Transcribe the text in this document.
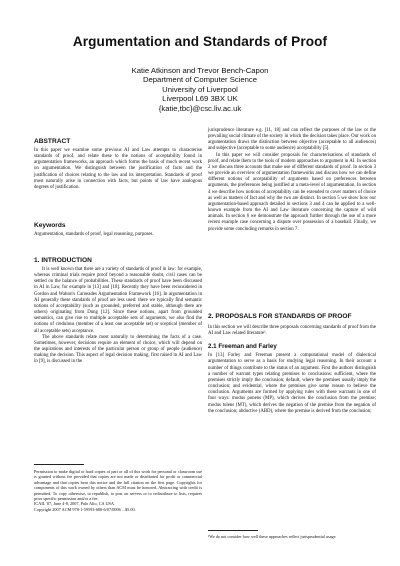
Argumentation and Standards of Proof
Katie Atkinson and Trevor Bench-Capon
Department of Computer Science
University of Liverpool
Liverpool L69 3BX UK
{katie,tbc}@csc.liv.ac.uk
ABSTRACT

In this paper we examine some previous AI and Law attempts to characterise standards of proof, and relate these to the notions of acceptability found in argumentation frameworks, an approach which forms the basis of much recent work on argumentation. We distinguish between the justification of facts and the justification of choices relating to the law and its interpretation. Standards of proof most naturally arise in connection with facts, but points of law have analogous degrees of justification.

Keywords

Argumentation, standards of proof, legal reasoning, purposes.

1. INTRODUCTION

It is well known that there are a variety of standards of proof in law: for example, whereas criminal trials require proof beyond a reasonable doubt, civil cases can be settled on the balance of probabilities. These standards of proof have been discussed in AI in Law, for example in [13] and [18]. Recently they have been reconsidered in Gordon and Walton's Carneades Argumentation Framework [16]. In argumentation in AI generally these standards of proof are less used: there we typically find semantic notions of acceptability (such as grounded, preferred and stable, although there are others) originating from Dung [12]. Since these notions, apart from grounded semantics, can give rise to multiple acceptable sets of arguments, we also find the notions of credulous (member of a least one acceptable set) or sceptical (member of all acceptable sets) acceptance.

The above standards relate most naturally to determining the facts of a case. Sometimes, however, decisions require an element of choice, which will depend on the aspirations and interests of the particular person or group of people (audience) making the decision. This aspect of legal decision making, first raised in AI and Law in [9], is discussed in the

Permission to make digital or hard copies of part or all of this work for personal or classroom use is granted without fee provided that copies are not made or distributed for profit or commercial advantage and that copies bear this notice and the full citation on the first page. Copyrights for components of this work owned by others than ACM must be honored. Abstracting with credit is permitted. To copy otherwise, to republish, to post on servers or to redistribute to lists, requires prior specific permission and/or a fee.

ICAIL '07, June 4-8, 2007, Palo Alto, CA USA.

Copyright 2007 ACM 978-1-59593-680-6/07/0006 ...$5.00.

jurisprudence literature e.g. [11, 18] and can reflect the purposes of the law or the prevailing social climate of the society in which the decision takes place. Our work on argumentation draws the distinction between objective (acceptable to all audiences) and subjective (acceptable to some audience) acceptability [5].

In this paper we will consider proposals for characterisations of standards of proof, and relate them to the tools of modern approaches to argument in AI. In section 2 we discuss three accounts that make use of different standards of proof. In section 3 we provide an overview of argumentation frameworks and discuss how we can define different notions of acceptability of arguments based on preferences between arguments, the preferences being justified at a meta-level of argumentation. In section 4 we describe how notions of acceptability can be extended to cover matters of choice as well as matters of fact and why the two are distinct. In section 5 we show how our argumentation-based approach detailed in sections 3 and 4 can be applied to a well-known example from the AI and Law literature concerning the capture of wild animals. In section 6 we demonstrate the approach further through the use of a more recent example case concerning a dispute over possession of a baseball. Finally, we provide some concluding remarks in section 7.

2. PROPOSALS FOR STANDARDS OF PROOF

In this section we will describe three proposals concerning standards of proof from the AI and Law related literature¹.

2.1 Freeman and Farley

In [13] Farley and Freeman present a computational model of dialectical argumentation to serve as a basis for studying legal reasoning. In their account a number of things contribute to the status of an argument. First the authors distinguish a number of warrant types relating premises to conclusions: sufficient, where the premises strictly imply the conclusion; default, where the premises usually imply the conclusion; and evidential, where the premises give some reason to believe the conclusion. Arguments are formed by applying rules with these warrants in one of four ways: modus ponens (MP), which derives the conclusion from the premise; modus tolens (MT), which derives the negation of the premise from the negation of the conclusion; abductive (ABD), where the premise is derived from the conclusion;

¹We do not consider how well these approaches reflect jurisprudential usage.
